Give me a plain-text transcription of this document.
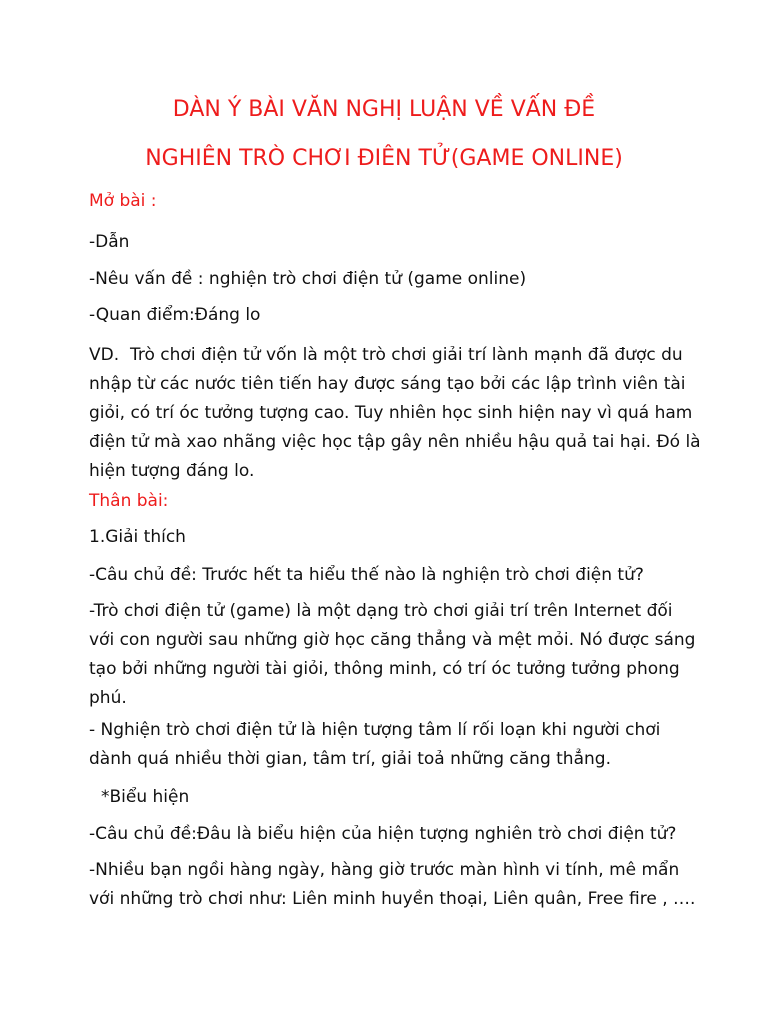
DÀN Ý BÀI VĂN NGHỊ LUẬN VỀ VẤN ĐỀ
NGHIÊN TRÒ CHƠI ĐIÊN TỬ(GAME ONLINE)
Mở bài :
-Dẫn
-Nêu vấn đề : nghiện trò chơi điện tử (game online)
-Quan điểm:Đáng lo
VD. Trò chơi điện tử vốn là một trò chơi giải trí lành mạnh đã được du
nhập từ các nước tiên tiến hay được sáng tạo bởi các lập trình viên tài
giỏi, có trí óc tưởng tượng cao. Tuy nhiên học sinh hiện nay vì quá ham
điện tử mà xao nhãng việc học tập gây nên nhiều hậu quả tai hại. Đó là
hiện tượng đáng lo.
Thân bài:
1.Giải thích
-Câu chủ đề: Trước hết ta hiểu thế nào là nghiện trò chơi điện tử?
-Trò chơi điện tử (game) là một dạng trò chơi giải trí trên Internet đối
với con người sau những giờ học căng thẳng và mệt mỏi. Nó được sáng
tạo bởi những người tài giỏi, thông minh, có trí óc tưởng tưởng phong
phú.
- Nghiện trò chơi điện tử là hiện tượng tâm lí rối loạn khi người chơi
dành quá nhiều thời gian, tâm trí, giải toả những căng thẳng.
*Biểu hiện
-Câu chủ đề:Đâu là biểu hiện của hiện tượng nghiên trò chơi điện tử?
-Nhiều bạn ngồi hàng ngày, hàng giờ trước màn hình vi tính, mê mẩn
với những trò chơi như: Liên minh huyền thoại, Liên quân, Free fire , ….
